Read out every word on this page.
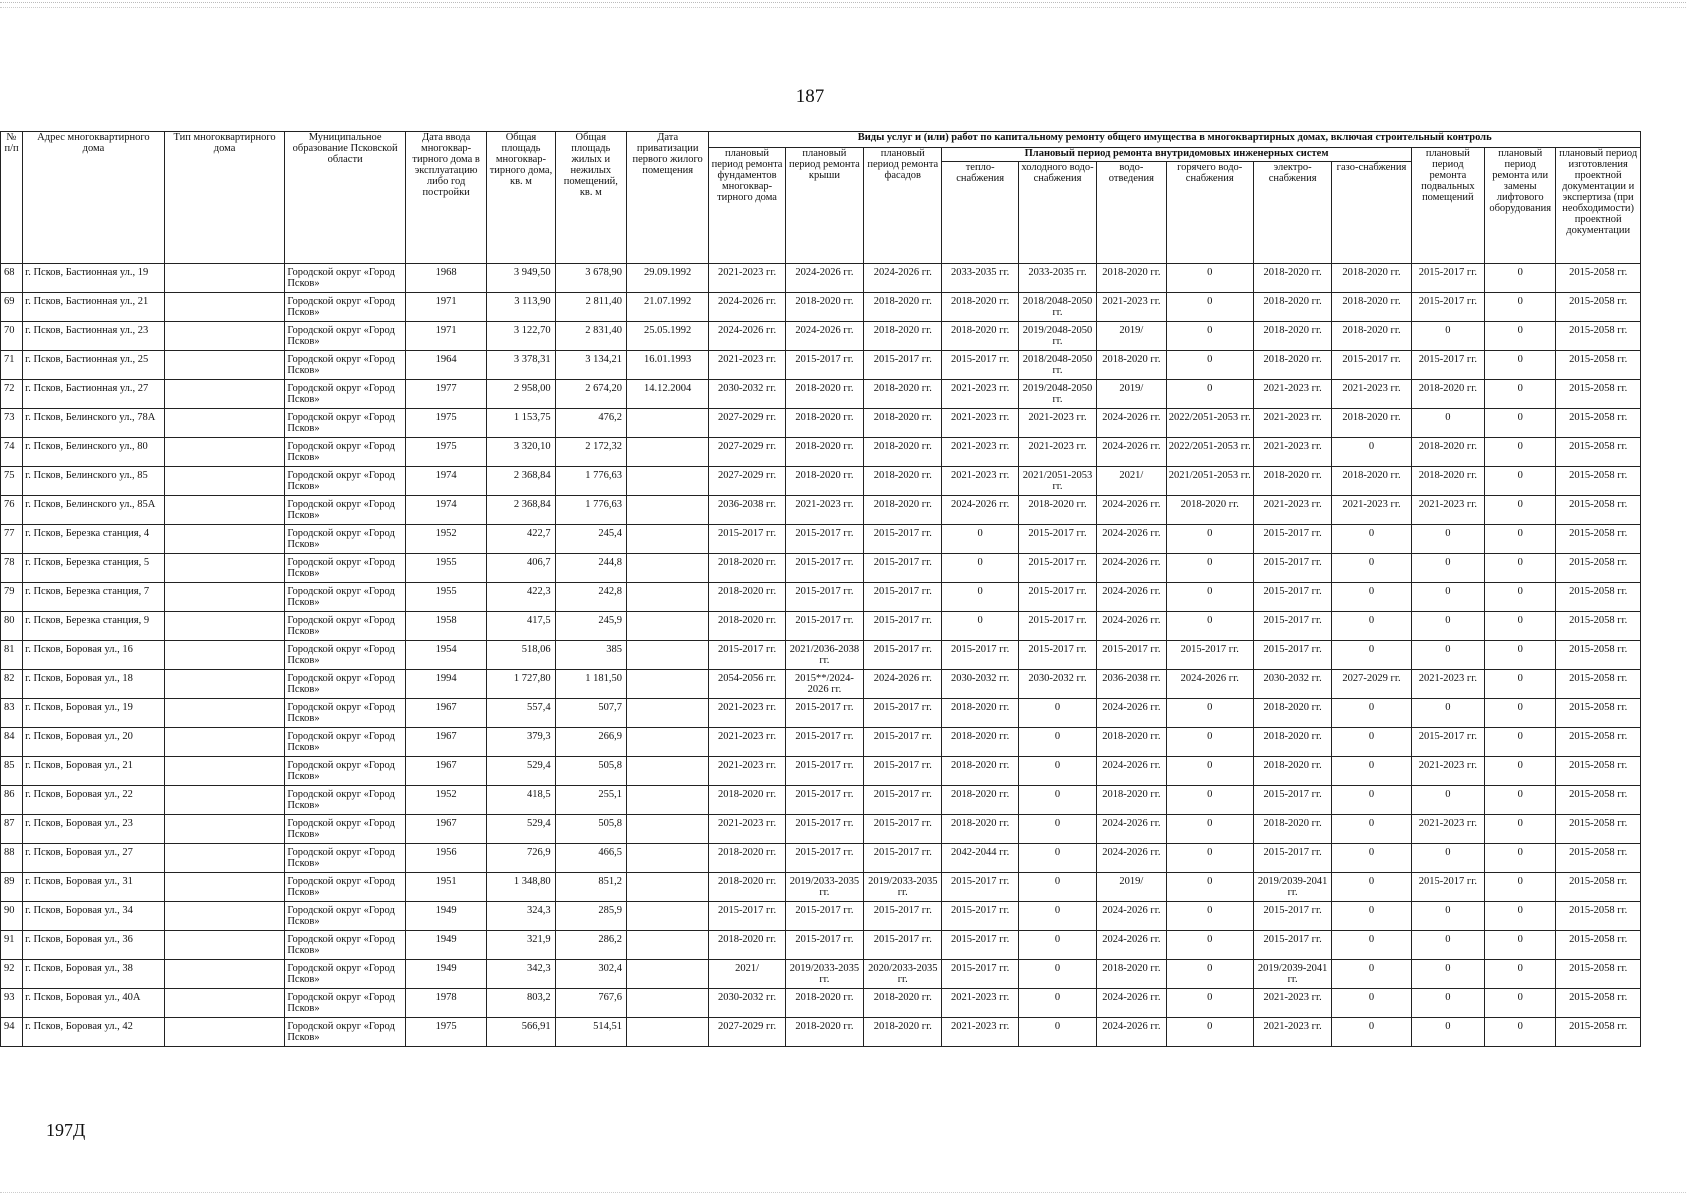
187
№ п/п	Адрес многоквартирного дома	Тип многоквартирного дома	Муниципальное образование Псковской области	Дата ввода многоквар-тирного дома в эксплуатацию либо год постройки	Общая площадь многоквар-тирного дома, кв. м	Общая площадь жилых и нежилых помещений, кв. м	Дата приватизации первого жилого помещения	Виды услуг и (или) работ по капитальному ремонту общего имущества в многоквартирных домах, включая строительный контроль											
								плановый период ремонта фундаментов многоквар-тирного дома	плановый период ремонта крыши	плановый период ремонта фасадов	Плановый период ремонта внутридомовых инженерных систем						плановый период ремонта подвальных помещений	плановый период ремонта или замены лифтового оборудования	плановый период изготовления проектной документации и экспертиза (при необходимости) проектной документации
											тепло-снабжения	холодного водо-снабжения	водо-отведения	горячего водо-снабжения	электро-снабжения	газо-снабжения			
68	г. Псков, Бастионная ул., 19		Городской округ «Город Псков»	1968	3 949,50	3 678,90	29.09.1992	2021-2023 гг.	2024-2026 гг.	2024-2026 гг.	2033-2035 гг.	2033-2035 гг.	2018-2020 гг.	0	2018-2020 гг.	2018-2020 гг.	2015-2017 гг.	0	2015-2058 гг.
69	г. Псков, Бастионная ул., 21		Городской округ «Город Псков»	1971	3 113,90	2 811,40	21.07.1992	2024-2026 гг.	2018-2020 гг.	2018-2020 гг.	2018-2020 гг.	2018/2048-2050 гг.	2021-2023 гг.	0	2018-2020 гг.	2018-2020 гг.	2015-2017 гг.	0	2015-2058 гг.
70	г. Псков, Бастионная ул., 23		Городской округ «Город Псков»	1971	3 122,70	2 831,40	25.05.1992	2024-2026 гг.	2024-2026 гг.	2018-2020 гг.	2018-2020 гг.	2019/2048-2050 гг.	2019/	0	2018-2020 гг.	2018-2020 гг.	0	0	2015-2058 гг.
71	г. Псков, Бастионная ул., 25		Городской округ «Город Псков»	1964	3 378,31	3 134,21	16.01.1993	2021-2023 гг.	2015-2017 гг.	2015-2017 гг.	2015-2017 гг.	2018/2048-2050 гг.	2018-2020 гг.	0	2018-2020 гг.	2015-2017 гг.	2015-2017 гг.	0	2015-2058 гг.
72	г. Псков, Бастионная ул., 27		Городской округ «Город Псков»	1977	2 958,00	2 674,20	14.12.2004	2030-2032 гг.	2018-2020 гг.	2018-2020 гг.	2021-2023 гг.	2019/2048-2050 гг.	2019/	0	2021-2023 гг.	2021-2023 гг.	2018-2020 гг.	0	2015-2058 гг.
73	г. Псков, Белинского ул., 78А		Городской округ «Город Псков»	1975	1 153,75	476,2		2027-2029 гг.	2018-2020 гг.	2018-2020 гг.	2021-2023 гг.	2021-2023 гг.	2024-2026 гг.	2022/2051-2053 гг.	2021-2023 гг.	2018-2020 гг.	0	0	2015-2058 гг.
74	г. Псков, Белинского ул., 80		Городской округ «Город Псков»	1975	3 320,10	2 172,32		2027-2029 гг.	2018-2020 гг.	2018-2020 гг.	2021-2023 гг.	2021-2023 гг.	2024-2026 гг.	2022/2051-2053 гг.	2021-2023 гг.	0	2018-2020 гг.	0	2015-2058 гг.
75	г. Псков, Белинского ул., 85		Городской округ «Город Псков»	1974	2 368,84	1 776,63		2027-2029 гг.	2018-2020 гг.	2018-2020 гг.	2021-2023 гг.	2021/2051-2053 гг.	2021/	2021/2051-2053 гг.	2018-2020 гг.	2018-2020 гг.	2018-2020 гг.	0	2015-2058 гг.
76	г. Псков, Белинского ул., 85А		Городской округ «Город Псков»	1974	2 368,84	1 776,63		2036-2038 гг.	2021-2023 гг.	2018-2020 гг.	2024-2026 гг.	2018-2020 гг.	2024-2026 гг.	2018-2020 гг.	2021-2023 гг.	2021-2023 гг.	2021-2023 гг.	0	2015-2058 гг.
77	г. Псков, Березка станция, 4		Городской округ «Город Псков»	1952	422,7	245,4		2015-2017 гг.	2015-2017 гг.	2015-2017 гг.	0	2015-2017 гг.	2024-2026 гг.	0	2015-2017 гг.	0	0	0	2015-2058 гг.
78	г. Псков, Березка станция, 5		Городской округ «Город Псков»	1955	406,7	244,8		2018-2020 гг.	2015-2017 гг.	2015-2017 гг.	0	2015-2017 гг.	2024-2026 гг.	0	2015-2017 гг.	0	0	0	2015-2058 гг.
79	г. Псков, Березка станция, 7		Городской округ «Город Псков»	1955	422,3	242,8		2018-2020 гг.	2015-2017 гг.	2015-2017 гг.	0	2015-2017 гг.	2024-2026 гг.	0	2015-2017 гг.	0	0	0	2015-2058 гг.
80	г. Псков, Березка станция, 9		Городской округ «Город Псков»	1958	417,5	245,9		2018-2020 гг.	2015-2017 гг.	2015-2017 гг.	0	2015-2017 гг.	2024-2026 гг.	0	2015-2017 гг.	0	0	0	2015-2058 гг.
81	г. Псков, Боровая ул., 16		Городской округ «Город Псков»	1954	518,06	385		2015-2017 гг.	2021/2036-2038 гг.	2015-2017 гг.	2015-2017 гг.	2015-2017 гг.	2015-2017 гг.	2015-2017 гг.	2015-2017 гг.	0	0	0	2015-2058 гг.
82	г. Псков, Боровая ул., 18		Городской округ «Город Псков»	1994	1 727,80	1 181,50		2054-2056 гг.	2015**/2024-2026 гг.	2024-2026 гг.	2030-2032 гг.	2030-2032 гг.	2036-2038 гг.	2024-2026 гг.	2030-2032 гг.	2027-2029 гг.	2021-2023 гг.	0	2015-2058 гг.
83	г. Псков, Боровая ул., 19		Городской округ «Город Псков»	1967	557,4	507,7		2021-2023 гг.	2015-2017 гг.	2015-2017 гг.	2018-2020 гг.	0	2024-2026 гг.	0	2018-2020 гг.	0	0	0	2015-2058 гг.
84	г. Псков, Боровая ул., 20		Городской округ «Город Псков»	1967	379,3	266,9		2021-2023 гг.	2015-2017 гг.	2015-2017 гг.	2018-2020 гг.	0	2018-2020 гг.	0	2018-2020 гг.	0	2015-2017 гг.	0	2015-2058 гг.
85	г. Псков, Боровая ул., 21		Городской округ «Город Псков»	1967	529,4	505,8		2021-2023 гг.	2015-2017 гг.	2015-2017 гг.	2018-2020 гг.	0	2024-2026 гг.	0	2018-2020 гг.	0	2021-2023 гг.	0	2015-2058 гг.
86	г. Псков, Боровая ул., 22		Городской округ «Город Псков»	1952	418,5	255,1		2018-2020 гг.	2015-2017 гг.	2015-2017 гг.	2018-2020 гг.	0	2018-2020 гг.	0	2015-2017 гг.	0	0	0	2015-2058 гг.
87	г. Псков, Боровая ул., 23		Городской округ «Город Псков»	1967	529,4	505,8		2021-2023 гг.	2015-2017 гг.	2015-2017 гг.	2018-2020 гг.	0	2024-2026 гг.	0	2018-2020 гг.	0	2021-2023 гг.	0	2015-2058 гг.
88	г. Псков, Боровая ул., 27		Городской округ «Город Псков»	1956	726,9	466,5		2018-2020 гг.	2015-2017 гг.	2015-2017 гг.	2042-2044 гг.	0	2024-2026 гг.	0	2015-2017 гг.	0	0	0	2015-2058 гг.
89	г. Псков, Боровая ул., 31		Городской округ «Город Псков»	1951	1 348,80	851,2		2018-2020 гг.	2019/2033-2035 гг.	2019/2033-2035 гг.	2015-2017 гг.	0	2019/	0	2019/2039-2041 гг.	0	2015-2017 гг.	0	2015-2058 гг.
90	г. Псков, Боровая ул., 34		Городской округ «Город Псков»	1949	324,3	285,9		2015-2017 гг.	2015-2017 гг.	2015-2017 гг.	2015-2017 гг.	0	2024-2026 гг.	0	2015-2017 гг.	0	0	0	2015-2058 гг.
91	г. Псков, Боровая ул., 36		Городской округ «Город Псков»	1949	321,9	286,2		2018-2020 гг.	2015-2017 гг.	2015-2017 гг.	2015-2017 гг.	0	2024-2026 гг.	0	2015-2017 гг.	0	0	0	2015-2058 гг.
92	г. Псков, Боровая ул., 38		Городской округ «Город Псков»	1949	342,3	302,4		2021/	2019/2033-2035 гг.	2020/2033-2035 гг.	2015-2017 гг.	0	2018-2020 гг.	0	2019/2039-2041 гг.	0	0	0	2015-2058 гг.
93	г. Псков, Боровая ул., 40А		Городской округ «Город Псков»	1978	803,2	767,6		2030-2032 гг.	2018-2020 гг.	2018-2020 гг.	2021-2023 гг.	0	2024-2026 гг.	0	2021-2023 гг.	0	0	0	2015-2058 гг.
94	г. Псков, Боровая ул., 42		Городской округ «Город Псков»	1975	566,91	514,51		2027-2029 гг.	2018-2020 гг.	2018-2020 гг.	2021-2023 гг.	0	2024-2026 гг.	0	2021-2023 гг.	0	0	0	2015-2058 гг.
197Д
